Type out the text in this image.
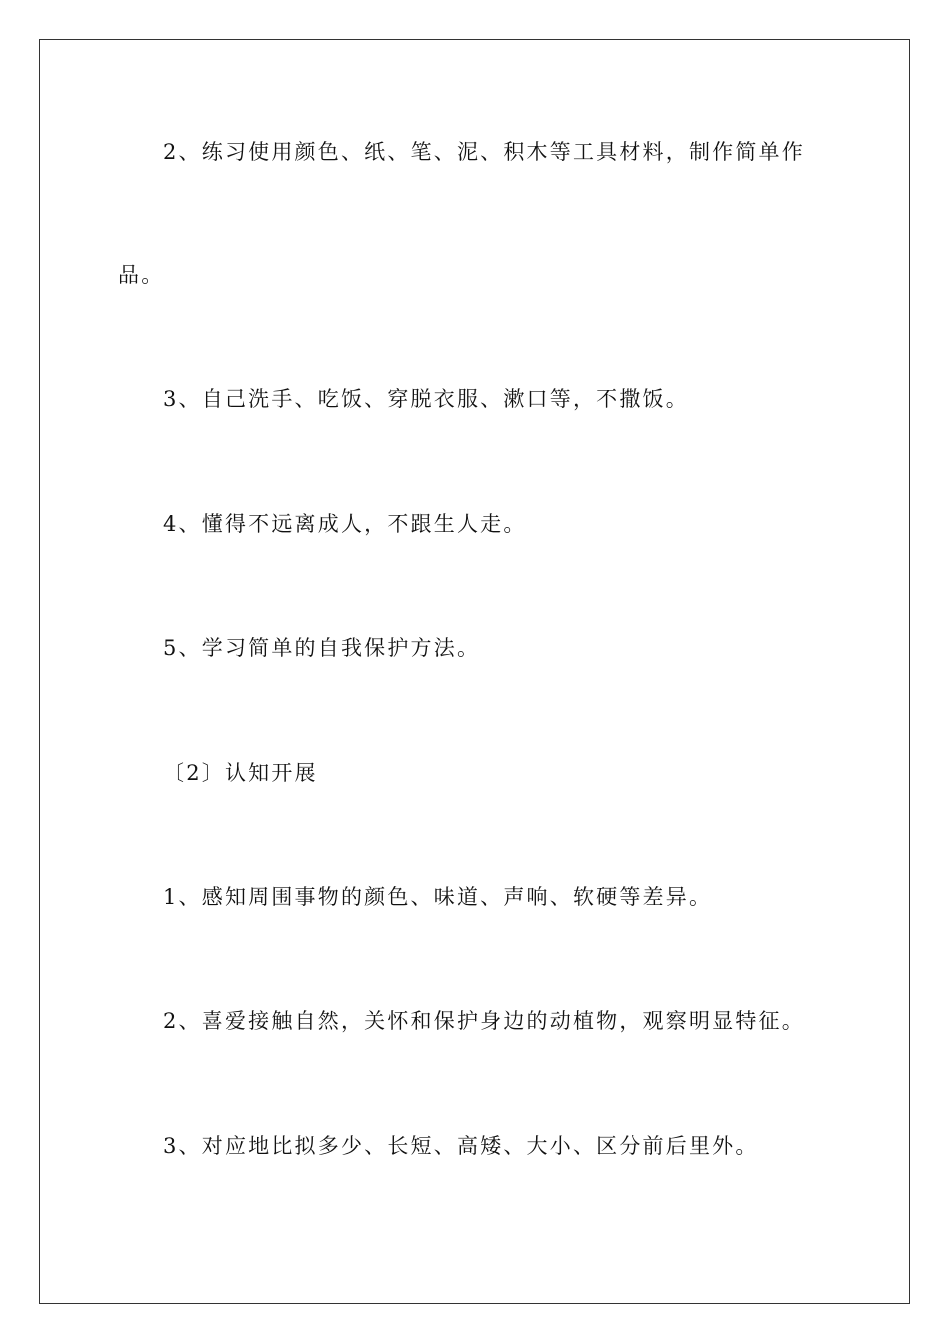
2、练习使用颜色、纸、笔、泥、积木等工具材料，制作简单作
品。
3、自己洗手、吃饭、穿脱衣服、漱口等，不撒饭。
4、懂得不远离成人，不跟生人走。
5、学习简单的自我保护方法。
〔2〕认知开展
1、感知周围事物的颜色、味道、声响、软硬等差异。
2、喜爱接触自然，关怀和保护身边的动植物，观察明显特征。
3、对应地比拟多少、长短、高矮、大小、区分前后里外。
